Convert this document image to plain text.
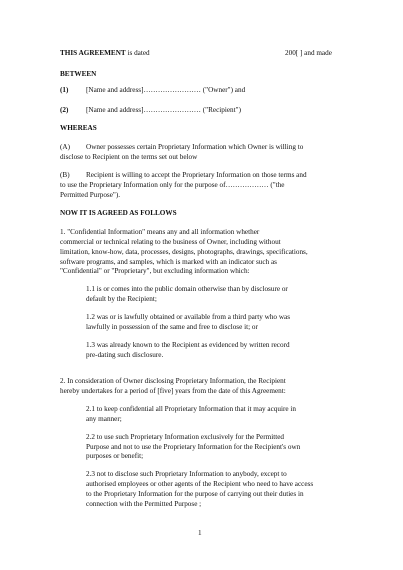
THIS AGREEMENT is dated	200[ ] and made
BETWEEN
(1) [Name and address]…………………… ("Owner") and
(2) [Name and address]…………………… ("Recipient")
WHEREAS
(A) Owner possesses certain Proprietary Information which Owner is willing to
disclose to Recipient on the terms set out below
(B) Recipient is willing to accept the Proprietary Information on those terms and
to use the Proprietary Information only for the purpose of……………… ("the
Permitted Purpose").
NOW IT IS AGREED AS FOLLOWS
1. "Confidential Information" means any and all information whether
commercial or technical relating to the business of Owner, including without
limitation, know-how, data, processes, designs, photographs, drawings, specifications,
software programs, and samples, which is marked with an indicator such as
"Confidential" or "Proprietary", but excluding information which:
1.1 is or comes into the public domain otherwise than by disclosure or
default by the Recipient;
1.2 was or is lawfully obtained or available from a third party who was
lawfully in possession of the same and free to disclose it; or
1.3 was already known to the Recipient as evidenced by written record
pre-dating such disclosure.
2. In consideration of Owner disclosing Proprietary Information, the Recipient
hereby undertakes for a period of [five] years from the date of this Agreement:
2.1 to keep confidential all Proprietary Information that it may acquire in
any manner;
2.2 to use such Proprietary Information exclusively for the Permitted
Purpose and not to use the Proprietary Information for the Recipient's own
purposes or benefit;
2.3 not to disclose such Proprietary Information to anybody, except to
authorised employees or other agents of the Recipient who need to have access
to the Proprietary Information for the purpose of carrying out their duties in
connection with the Permitted Purpose ;
1
